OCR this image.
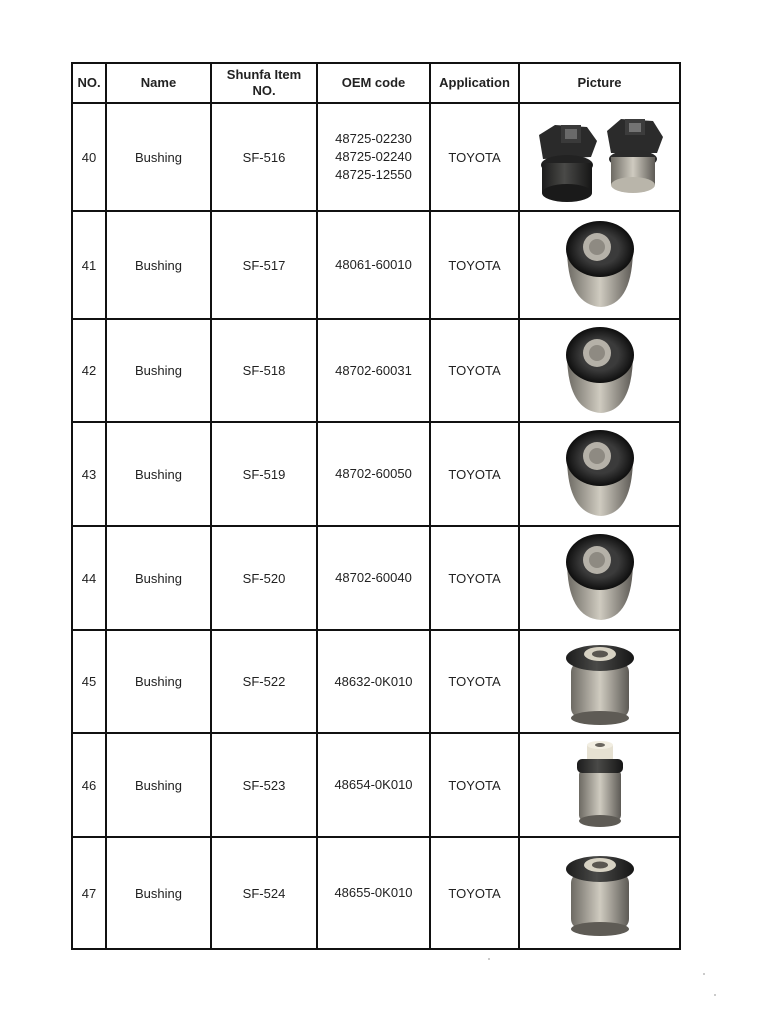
NO.	Name	Shunfa Item NO.	OEM code	Application	Picture
40	Bushing	SF-516	48725-02230
48725-02240
48725-12550	TOYOTA	

41	Bushing	SF-517	48061-60010	TOYOTA	

42	Bushing	SF-518	48702-60031	TOYOTA	

43	Bushing	SF-519	48702-60050	TOYOTA	

44	Bushing	SF-520	48702-60040	TOYOTA	

45	Bushing	SF-522	48632-0K010	TOYOTA	

46	Bushing	SF-523	48654-0K010	TOYOTA	

47	Bushing	SF-524	48655-0K010	TOYOTA	
